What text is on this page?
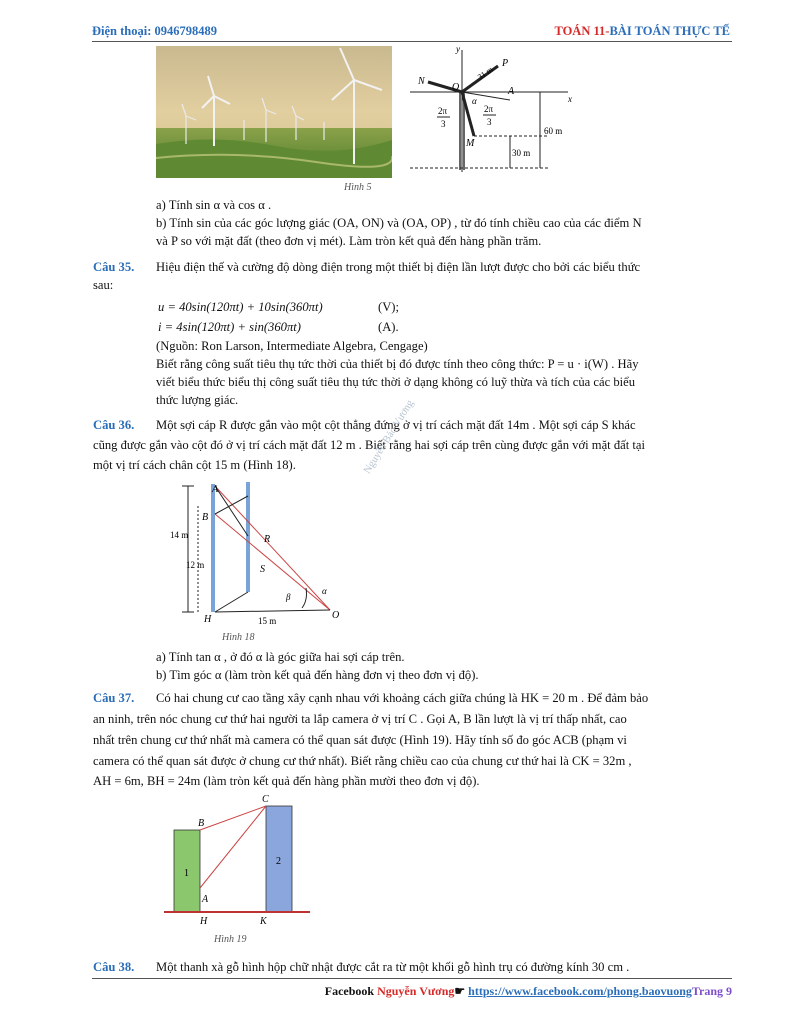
Điện thoại: 0946798489	TOÁN 11-BÀI TOÁN THỰC TẾ
Hình 5
y
x
N
O
P
A
M
31 m
α
2π
3
2π
3
60 m
30 m
a) Tính sin α và cos α .
b) Tính sin của các góc lượng giác (OA, ON) và (OA, OP) , từ đó tính chiều cao của các điểm N
và P so với mặt đất (theo đơn vị mét). Làm tròn kết quả đến hàng phần trăm.
Câu 35. Hiệu điện thế và cường độ dòng điện trong một thiết bị điện lần lượt được cho bởi các biểu thức
sau:
u = 40sin(120πt) + 10sin(360πt)	(V);
i = 4sin(120πt) + sin(360πt)	(A).
(Nguồn: Ron Larson, Intermediate Algebra, Cengage)
Biết rằng công suất tiêu thụ tức thời của thiết bị đó được tính theo công thức: P = u · i(W) . Hãy
viết biểu thức biểu thị công suất tiêu thụ tức thời ở dạng không có luỹ thừa và tích của các biểu
thức lượng giác.
Câu 36. Một sợi cáp R được gắn vào một cột thẳng đứng ở vị trí cách mặt đất 14m . Một sợi cáp S khác
cũng được gắn vào cột đó ở vị trí cách mặt đất 12 m . Biết rằng hai sợi cáp trên cùng được gắn với mặt đất tại
một vị trí cách chân cột 15 m (Hình 18).
A
B
H	O
R
S
α
β
14 m
12 m
15 m
Nguyễn Bảo Vương
Hình 18
a) Tính tan α , ở đó α là góc giữa hai sợi cáp trên.
b) Tìm góc α (làm tròn kết quả đến hàng đơn vị theo đơn vị độ).
Câu 37. Có hai chung cư cao tầng xây cạnh nhau với khoảng cách giữa chúng là HK = 20 m . Để đảm bảo
an ninh, trên nóc chung cư thứ hai người ta lắp camera ở vị trí C . Gọi A, B lần lượt là vị trí thấp nhất, cao
nhất trên chung cư thứ nhất mà camera có thể quan sát được (Hình 19). Hãy tính số đo góc ACB (phạm vi
camera có thể quan sát được ở chung cư thứ nhất). Biết rằng chiều cao của chung cư thứ hai là CK = 32m ,
AH = 6m, BH = 24m (làm tròn kết quả đến hàng phần mười theo đơn vị độ).
B
A
C
H	K
1
2
Hình 19
Câu 38. Một thanh xà gỗ hình hộp chữ nhật được cắt ra từ một khối gỗ hình trụ có đường kính 30 cm .
Facebook Nguyễn Vương☛ https://www.facebook.com/phong.baovuongTrang 9
